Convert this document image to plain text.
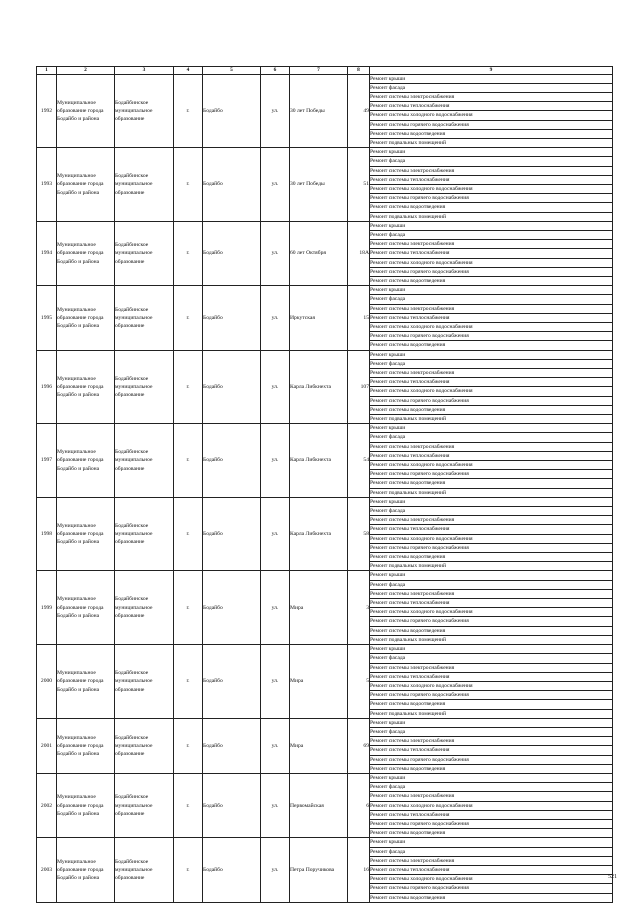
1	2	3	4	5	6	7	8	9
1992	Муниципальное образование города Бодайбо и района	Бодайбинское муниципальное образование	г.	Бодайбо	ул.	30 лет Победы	49	Ремонт крыши
								Ремонт фасада
								Ремонт системы электроснабжения
								Ремонт системы теплоснабжения
								Ремонт системы холодного водоснабжения
								Ремонт системы горячего водоснабжения
								Ремонт системы водоотведения
								Ремонт подвальных помещений
1993	Муниципальное образование города Бодайбо и района	Бодайбинское муниципальное образование	г.	Бодайбо	ул.	30 лет Победы	51	Ремонт крыши
								Ремонт фасада
								Ремонт системы электроснабжения
								Ремонт системы теплоснабжения
								Ремонт системы холодного водоснабжения
								Ремонт системы горячего водоснабжения
								Ремонт системы водоотведения
								Ремонт подвальных помещений
1994	Муниципальное образование города Бодайбо и района	Бодайбинское муниципальное образование	г.	Бодайбо	ул.	60 лет Октября	18А	Ремонт крыши
								Ремонт фасада
								Ремонт системы электроснабжения
								Ремонт системы теплоснабжения
								Ремонт системы холодного водоснабжения
								Ремонт системы горячего водоснабжения
								Ремонт системы водоотведения
1995	Муниципальное образование города Бодайбо и района	Бодайбинское муниципальное образование	г.	Бодайбо	ул.	Иркутская	15	Ремонт крыши
								Ремонт фасада
								Ремонт системы электроснабжения
								Ремонт системы теплоснабжения
								Ремонт системы холодного водоснабжения
								Ремонт системы горячего водоснабжения
								Ремонт системы водоотведения
1996	Муниципальное образование города Бодайбо и района	Бодайбинское муниципальное образование	г.	Бодайбо	ул.	Карла Либкнехта	107	Ремонт крыши
								Ремонт фасада
								Ремонт системы электроснабжения
								Ремонт системы теплоснабжения
								Ремонт системы холодного водоснабжения
								Ремонт системы горячего водоснабжения
								Ремонт системы водоотведения
								Ремонт подвальных помещений
1997	Муниципальное образование города Бодайбо и района	Бодайбинское муниципальное образование	г.	Бодайбо	ул.	Карла Либкнехта	54	Ремонт крыши
								Ремонт фасада
								Ремонт системы электроснабжения
								Ремонт системы теплоснабжения
								Ремонт системы холодного водоснабжения
								Ремонт системы горячего водоснабжения
								Ремонт системы водоотведения
								Ремонт подвальных помещений
1998	Муниципальное образование города Бодайбо и района	Бодайбинское муниципальное образование	г.	Бодайбо	ул.	Карла Либкнехта	58	Ремонт крыши
								Ремонт фасада
								Ремонт системы электроснабжения
								Ремонт системы теплоснабжения
								Ремонт системы холодного водоснабжения
								Ремонт системы горячего водоснабжения
								Ремонт системы водоотведения
								Ремонт подвальных помещений
1999	Муниципальное образование города Бодайбо и района	Бодайбинское муниципальное образование	г.	Бодайбо	ул.	Мира	3	Ремонт крыши
								Ремонт фасада
								Ремонт системы электроснабжения
								Ремонт системы теплоснабжения
								Ремонт системы холодного водоснабжения
								Ремонт системы горячего водоснабжения
								Ремонт системы водоотведения
								Ремонт подвальных помещений
2000	Муниципальное образование города Бодайбо и района	Бодайбинское муниципальное образование	г.	Бодайбо	ул.	Мира	5	Ремонт крыши
								Ремонт фасада
								Ремонт системы электроснабжения
								Ремонт системы теплоснабжения
								Ремонт системы холодного водоснабжения
								Ремонт системы горячего водоснабжения
								Ремонт системы водоотведения
								Ремонт подвальных помещений
2001	Муниципальное образование города Бодайбо и района	Бодайбинское муниципальное образование	г.	Бодайбо	ул.	Мира	69	Ремонт крыши
								Ремонт фасада
								Ремонт системы электроснабжения
								Ремонт системы теплоснабжения
								Ремонт системы горячего водоснабжения
								Ремонт системы водоотведения
2002	Муниципальное образование города Бодайбо и района	Бодайбинское муниципальное образование	г.	Бодайбо	ул.	Первомайская	6	Ремонт крыши
								Ремонт фасада
								Ремонт системы электроснабжения
								Ремонт системы холодного водоснабжения
								Ремонт системы теплоснабжения
								Ремонт системы горячего водоснабжения
								Ремонт системы водоотведения
2003	Муниципальное образование города Бодайбо и района	Бодайбинское муниципальное образование	г.	Бодайбо	ул.	Петра Поручикова	16	Ремонт крыши
								Ремонт фасада
								Ремонт системы электроснабжения
								Ремонт системы теплоснабжения
								Ремонт системы холодного водоснабжения
								Ремонт системы горячего водоснабжения
								Ремонт системы водоотведения
521
